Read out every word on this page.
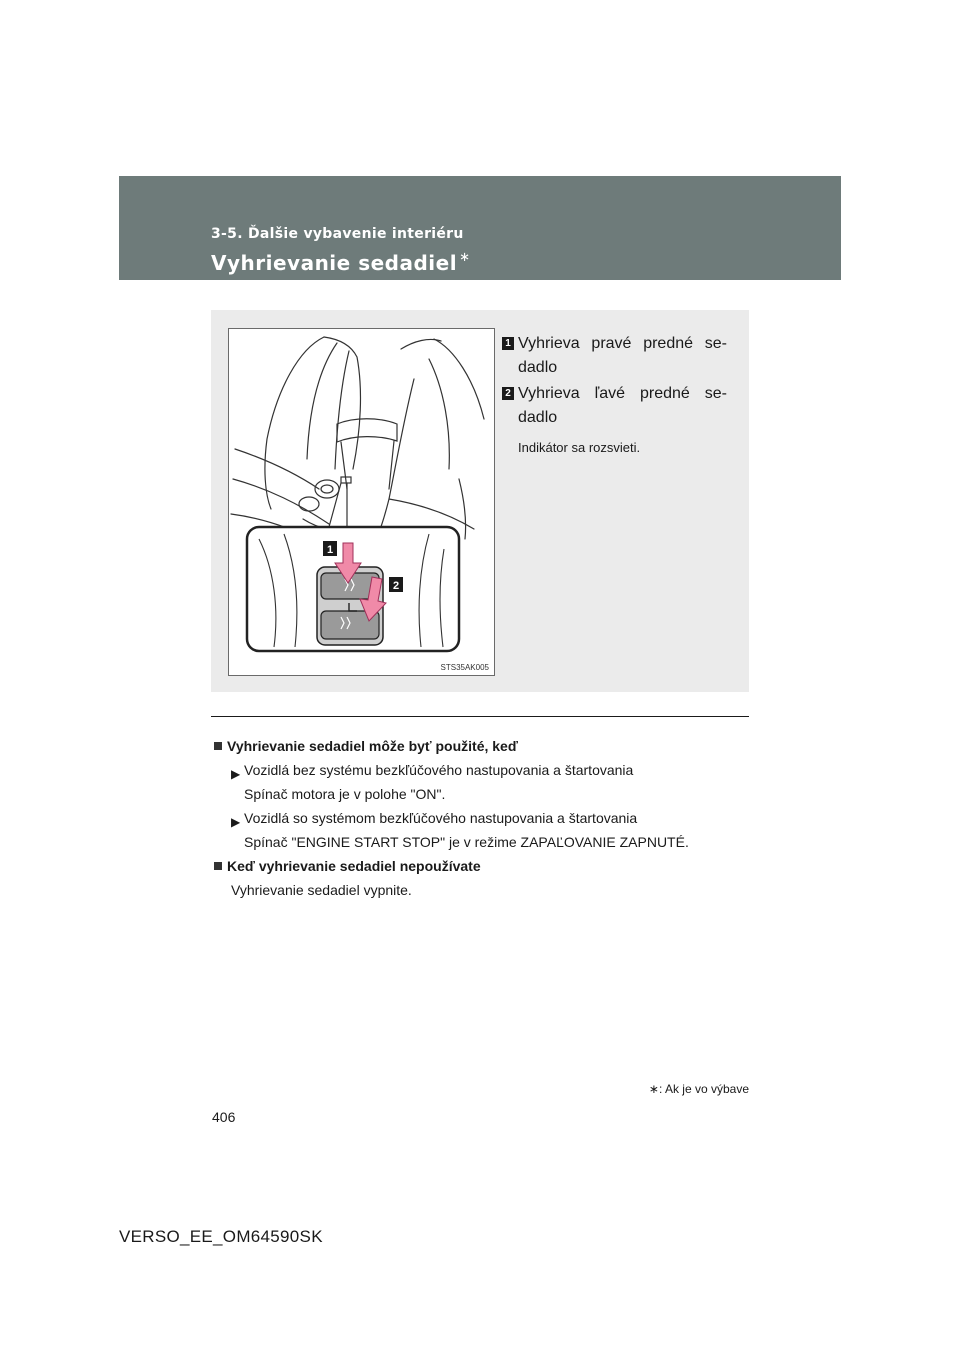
3-5. Ďalšie vybavenie interiéru
Vyhrievanie sedadiel ∗
1
2
STS35AK005
1 Vyhrieva pravé predné se-dadlo
2 Vyhrieva ľavé predné se-dadlo
Indikátor sa rozsvieti.
Vyhrievanie sedadiel môže byť použité, keď
▶ Vozidlá bez systému bezkľúčového nastupovania a štartovania
Spínač motora je v polohe "ON".
▶ Vozidlá so systémom bezkľúčového nastupovania a štartovania
Spínač "ENGINE START STOP" je v režime ZAPAĽOVANIE ZAPNUTÉ.
Keď vyhrievanie sedadiel nepoužívate
Vyhrievanie sedadiel vypnite.
∗: Ak je vo výbave
406
VERSO_EE_OM64590SK
